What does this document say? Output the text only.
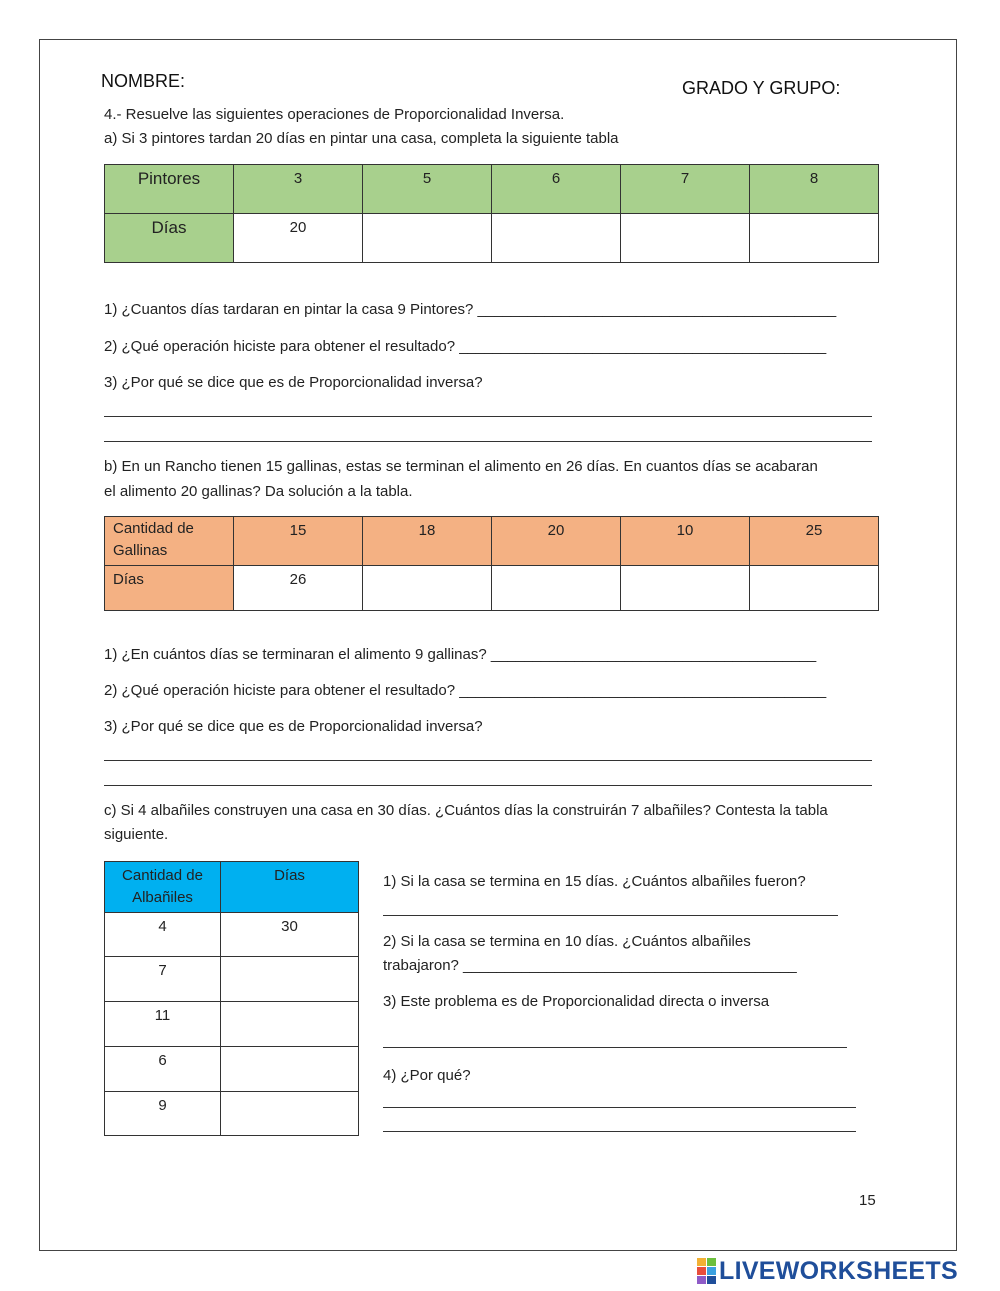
NOMBRE:	GRADO Y GRUPO:
4.- Resuelve las siguientes operaciones de Proporcionalidad Inversa.
a) Si 3 pintores tardan 20 días en pintar una casa, completa la siguiente tabla
Pintores	3	5	6	7	8
Días	20				
1) ¿Cuantos días tardaran en pintar la casa 9 Pintores? ___________________________________________
2) ¿Qué operación hiciste para obtener el resultado? ____________________________________________
3) ¿Por qué se dice que es de Proporcionalidad inversa?
b) En un Rancho tienen 15 gallinas, estas se terminan el alimento en 26 días. En cuantos días se acabaran
el alimento 20 gallinas? Da solución a la tabla.
Cantidad de Gallinas	15	18	20	10	25
Días	26				
1) ¿En cuántos días se terminaran el alimento 9 gallinas? _______________________________________
2) ¿Qué operación hiciste para obtener el resultado? ____________________________________________
3) ¿Por qué se dice que es de Proporcionalidad inversa?
c) Si 4 albañiles construyen una casa en 30 días. ¿Cuántos días la construirán 7 albañiles? Contesta la tabla
siguiente.
Cantidad de Albañiles	Días
4	30
7	
11	
6	
9	
1) Si la casa se termina en 15 días. ¿Cuántos albañiles fueron?
2) Si la casa se termina en 10 días. ¿Cuántos albañiles
trabajaron? ________________________________________
3) Este problema es de Proporcionalidad directa o inversa
4) ¿Por qué?
15
LIVEWORKSHEETS
